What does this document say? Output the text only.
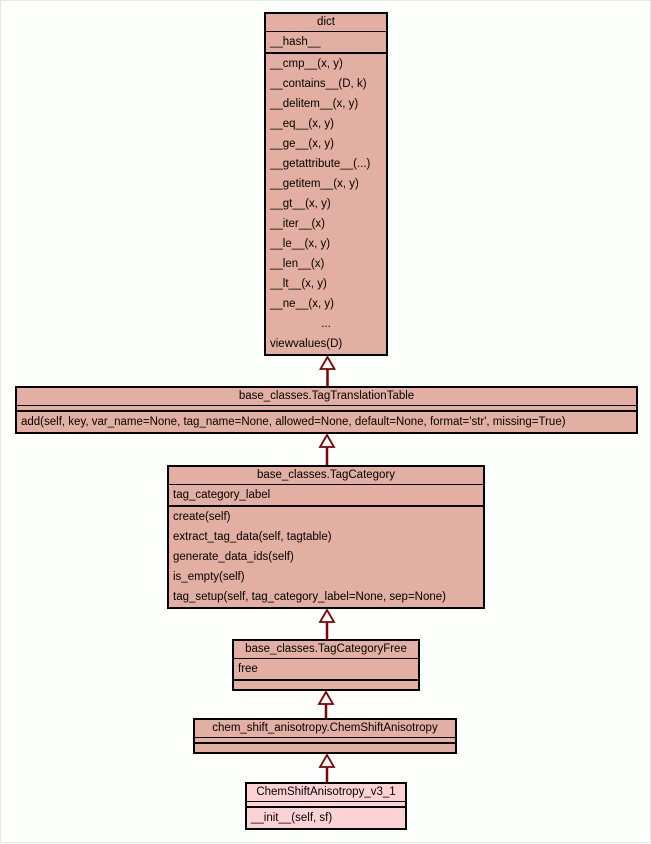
dict
__hash__
__cmp__(x, y)
__contains__(D, k)
__delitem__(x, y)
__eq__(x, y)
__ge__(x, y)
__getattribute__(...)
__getitem__(x, y)
__gt__(x, y)
__iter__(x)
__le__(x, y)
__len__(x)
__lt__(x, y)
__ne__(x, y)
...
viewvalues(D)
base_classes.TagTranslationTable
add(self, key, var_name=None, tag_name=None, allowed=None, default=None, format='str', missing=True)
base_classes.TagCategory
tag_category_label
create(self)
extract_tag_data(self, tagtable)
generate_data_ids(self)
is_empty(self)
tag_setup(self, tag_category_label=None, sep=None)
base_classes.TagCategoryFree
free
chem_shift_anisotropy.ChemShiftAnisotropy
ChemShiftAnisotropy_v3_1
__init__(self, sf)
